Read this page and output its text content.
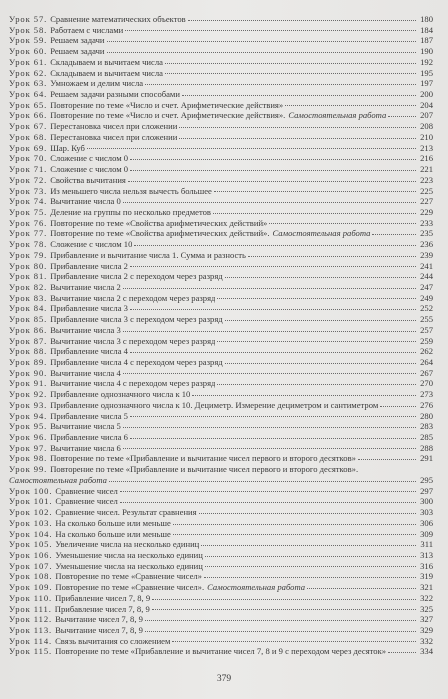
Урок 57. Сравнение математических объектов	180
Урок 58. Работаем с числами	184
Урок 59. Решаем задачи	187
Урок 60. Решаем задачи	190
Урок 61. Складываем и вычитаем числа	192
Урок 62. Складываем и вычитаем числа	195
Урок 63. Умножаем и делим числа	197
Урок 64. Решаем задачи разными способами	200
Урок 65. Повторение по теме «Число и счет. Арифметические действия»	204
Урок 66. Повторение по теме «Число и счет. Арифметические действия». Самостоятельная работа	207
Урок 67. Перестановка чисел при сложении	208
Урок 68. Перестановка чисел при сложении	210
Урок 69. Шар. Куб	213
Урок 70. Сложение с числом 0	216
Урок 71. Сложение с числом 0	221
Урок 72. Свойства вычитания	223
Урок 73. Из меньшего числа нельзя вычесть большее	225
Урок 74. Вычитание числа 0	227
Урок 75. Деление на группы по несколько предметов	229
Урок 76. Повторение по теме «Свойства арифметических действий»	233
Урок 77. Повторение по теме «Свойства арифметических действий». Самостоятельная работа	235
Урок 78. Сложение с числом 10	236
Урок 79. Прибавление и вычитание числа 1. Сумма и разность	239
Урок 80. Прибавление числа 2	241
Урок 81. Прибавление числа 2 с переходом через разряд	244
Урок 82. Вычитание числа 2	247
Урок 83. Вычитание числа 2 с переходом через разряд	249
Урок 84. Прибавление числа 3	252
Урок 85. Прибавление числа 3 с переходом через разряд	255
Урок 86. Вычитание числа 3	257
Урок 87. Вычитание числа 3 с переходом через разряд	259
Урок 88. Прибавление числа 4	262
Урок 89. Прибавление числа 4 с переходом через разряд	264
Урок 90. Вычитание числа 4	267
Урок 91. Вычитание числа 4 с переходом через разряд	270
Урок 92. Прибавление однозначного числа к 10	273
Урок 93. Прибавление однозначного числа к 10. Дециметр. Измерение дециметром и сантиметром	276
Урок 94. Прибавление числа 5	280
Урок 95. Вычитание числа 5	283
Урок 96. Прибавление числа 6	285
Урок 97. Вычитание числа 6	288
Урок 98. Повторение по теме «Прибавление и вычитание чисел первого и второго десятков»	291
Урок 99. Повторение по теме «Прибавление и вычитание чисел первого и второго десятков».
Самостоятельная работа	295
Урок 100. Сравнение чисел	297
Урок 101. Сравнение чисел	300
Урок 102. Сравнение чисел. Результат сравнения	303
Урок 103. На сколько больше или меньше	306
Урок 104. На сколько больше или меньше	309
Урок 105. Увеличение числа на несколько единиц	311
Урок 106. Уменьшение числа на несколько единиц	313
Урок 107. Уменьшение числа на несколько единиц	316
Урок 108. Повторение по теме «Сравнение чисел»	319
Урок 109. Повторение по теме «Сравнение чисел». Самостоятельная работа	321
Урок 110. Прибавление чисел 7, 8, 9	322
Урок 111. Прибавление чисел 7, 8, 9	325
Урок 112. Вычитание чисел 7, 8, 9	327
Урок 113. Вычитание чисел 7, 8, 9	329
Урок 114. Связь вычитания со сложением	332
Урок 115. Повторение по теме «Прибавление и вычитание чисел 7, 8 и 9 с переходом через десяток»	334
379
